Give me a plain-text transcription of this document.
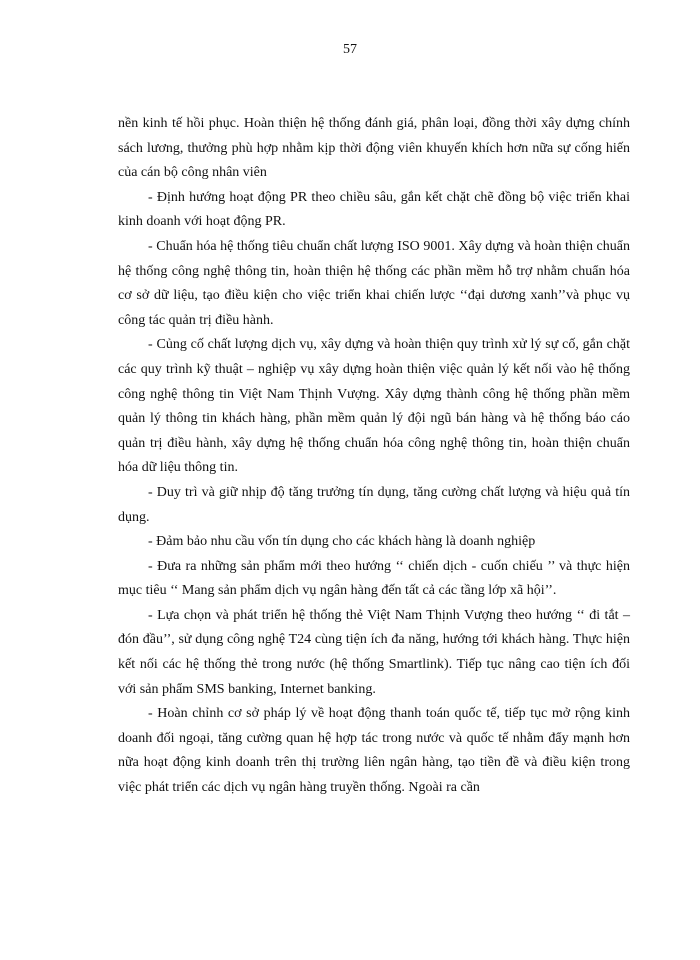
57

nền kinh tế hồi phục. Hoàn thiện hệ thống đánh giá, phân loại, đồng thời xây dựng chính sách lương, thưởng phù hợp nhằm kịp thời động viên khuyến khích hơn nữa sự cống hiến của cán bộ công nhân viên

- Định hướng hoạt động PR theo chiều sâu, gắn kết chặt chẽ đồng bộ việc triển khai kinh doanh với hoạt động PR.

- Chuẩn hóa hệ thống tiêu chuẩn chất lượng ISO 9001. Xây dựng và hoàn thiện chuẩn hệ thống công nghệ thông tin, hoàn thiện hệ thống các phần mềm hỗ trợ nhằm chuẩn hóa cơ sở dữ liệu, tạo điều kiện cho việc triển khai chiến lược ‘‘đại dương xanh’’và phục vụ công tác quản trị điều hành.

- Củng cố chất lượng dịch vụ, xây dựng và hoàn thiện quy trình xử lý sự cố, gắn chặt các quy trình kỹ thuật – nghiệp vụ xây dựng hoàn thiện việc quản lý kết nối vào hệ thống công nghệ thông tin Việt Nam Thịnh Vượng. Xây dựng thành công hệ thống phần mềm quản lý thông tin khách hàng, phần mềm quản lý đội ngũ bán hàng và hệ thống báo cáo quản trị điều hành, xây dựng hệ thống chuẩn hóa công nghệ thông tin, hoàn thiện chuẩn hóa dữ liệu thông tin.

- Duy trì và giữ nhịp độ tăng trưởng tín dụng, tăng cường chất lượng và hiệu quả tín dụng.

- Đảm bảo nhu cầu vốn tín dụng cho các khách hàng là doanh nghiệp

- Đưa ra những sản phẩm mới theo hướng ‘‘ chiến dịch - cuốn chiếu ’’ và thực hiện mục tiêu ‘‘ Mang sản phẩm dịch vụ ngân hàng đến tất cả các tầng lớp xã hội’’.

- Lựa chọn và phát triển hệ thống thẻ Việt Nam Thịnh Vượng theo hướng ‘‘ đi tắt – đón đầu’’, sử dụng công nghệ T24 cùng tiện ích đa năng, hướng tới khách hàng. Thực hiện kết nối các hệ thống thẻ trong nước (hệ thống Smartlink). Tiếp tục nâng cao tiện ích đối với sản phẩm SMS banking, Internet banking.

- Hoàn chỉnh cơ sở pháp lý về hoạt động thanh toán quốc tế, tiếp tục mở rộng kinh doanh đối ngoại, tăng cường quan hệ hợp tác trong nước và quốc tế nhằm đẩy mạnh hơn nữa hoạt động kinh doanh trên thị trường liên ngân hàng, tạo tiền đề và điều kiện trong việc phát triển các dịch vụ ngân hàng truyền thống. Ngoài ra cần
